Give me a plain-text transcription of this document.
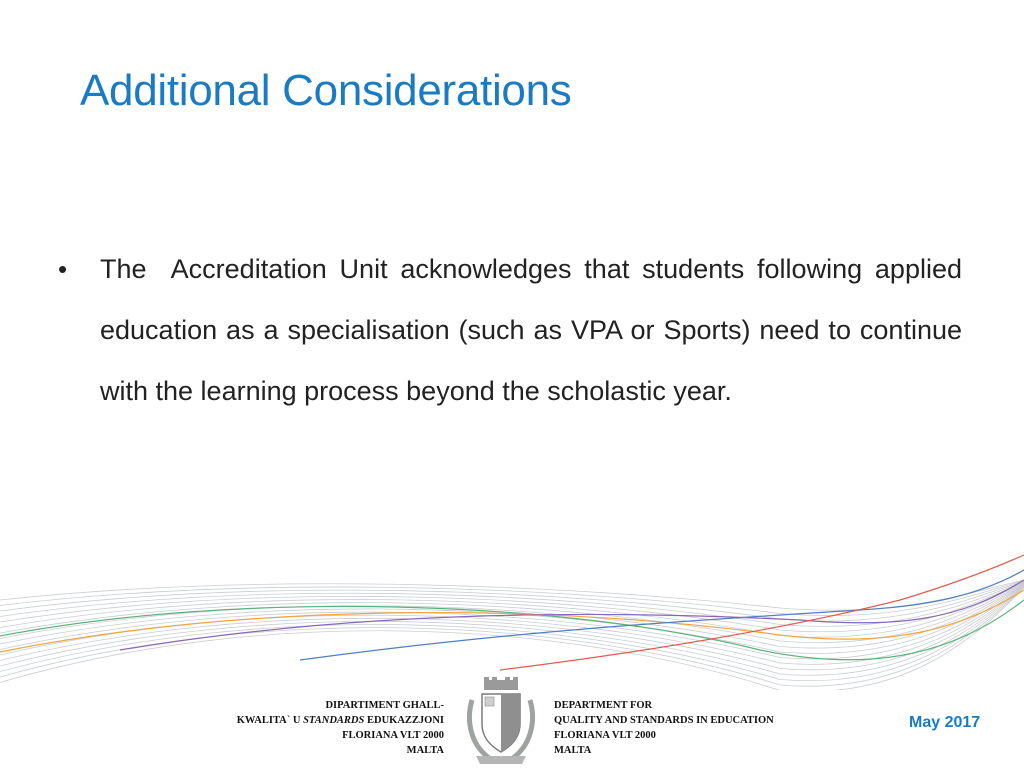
Additional Considerations
• The  Accreditation Unit acknowledges that students following applied education as a specialisation (such as VPA or Sports) need to continue with the learning process beyond the scholastic year.
DIPARTIMENT GHALL-
KWALITA` U STANDARDS EDUKAZZJONI
FLORIANA VLT 2000
MALTA
DEPARTMENT FOR
QUALITY AND STANDARDS IN EDUCATION
FLORIANA VLT 2000
MALTA
May 2017
